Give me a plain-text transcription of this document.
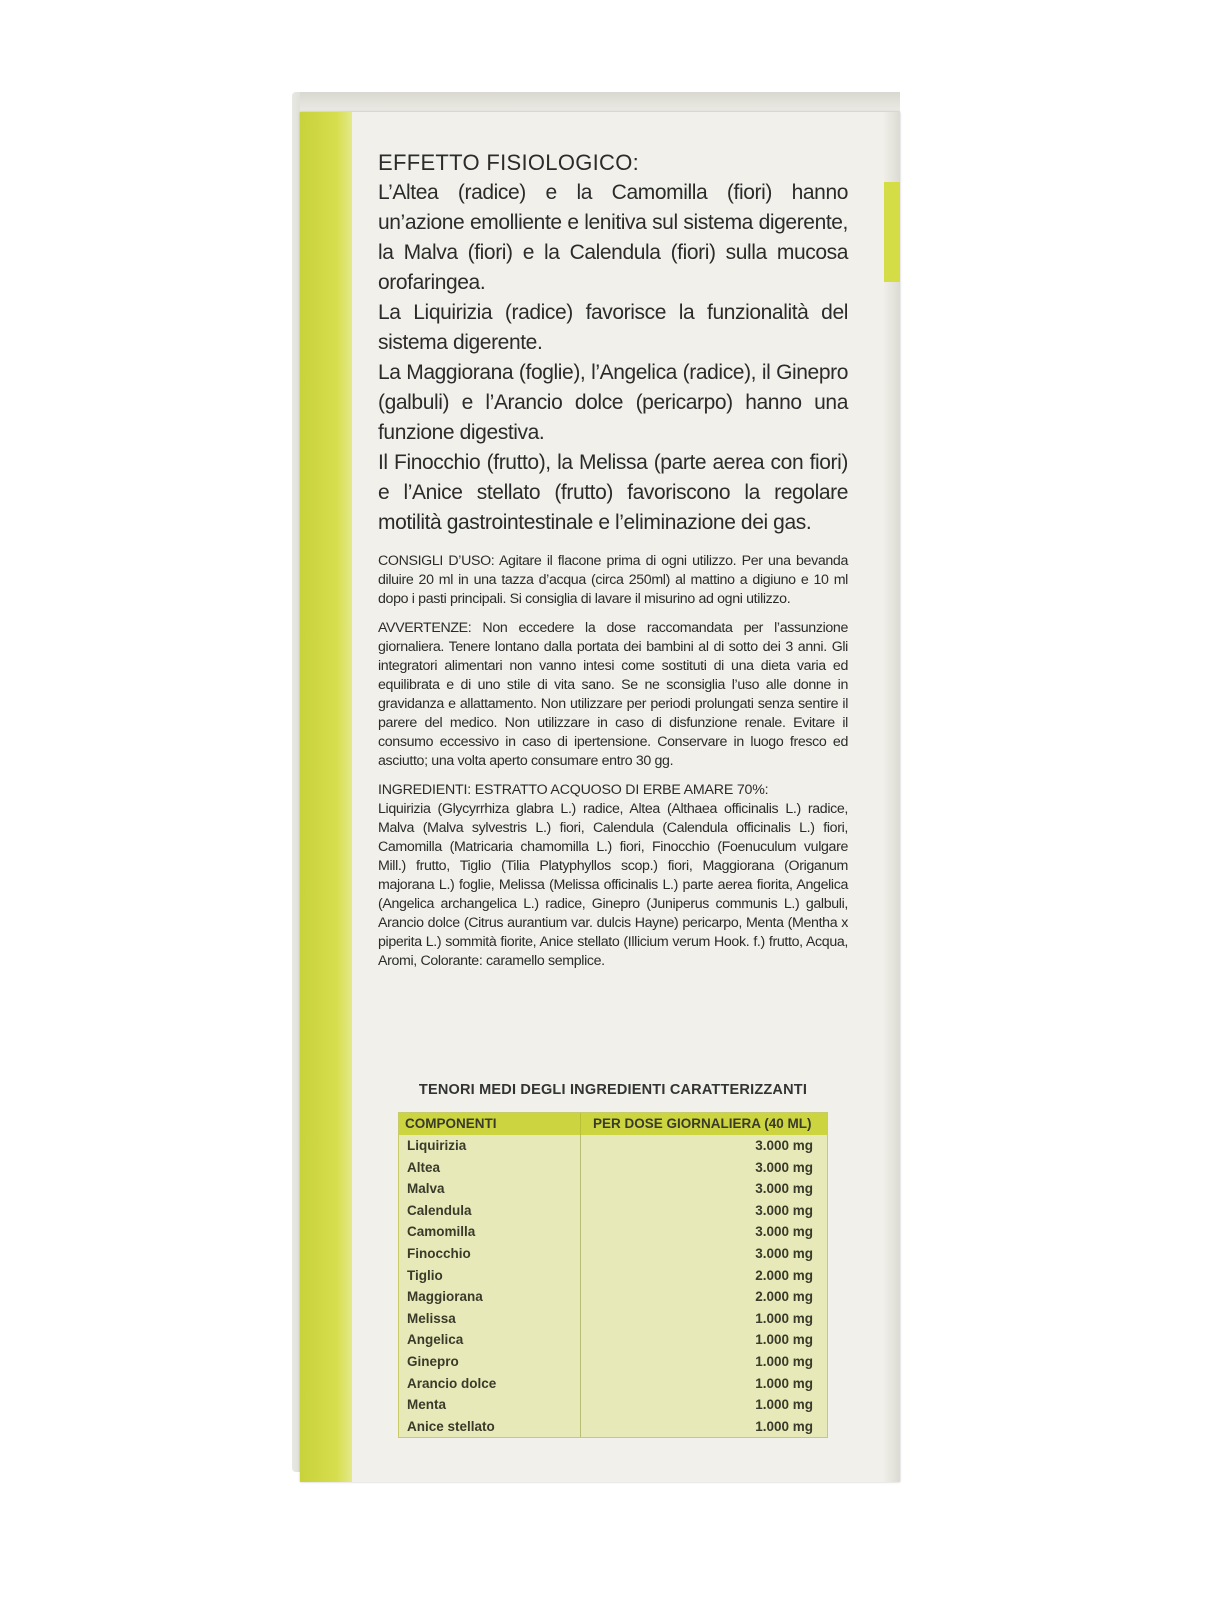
EFFETTO FISIOLOGICO:

L’Altea (radice) e la Camomilla (fiori) hanno un’azione emolliente e lenitiva sul sistema digerente, la Malva (fiori) e la Calendula (fiori) sulla mucosa orofaringea.

La Liquirizia (radice) favorisce la funzionalità del sistema digerente.

La Maggiorana (foglie), l’Angelica (radice), il Ginepro (galbuli) e l’Arancio dolce (pericarpo) hanno una funzione digestiva.

Il Finocchio (frutto), la Melissa (parte aerea con fiori) e l’Anice stellato (frutto) favoriscono la regolare motilità gastrointestinale e l’eliminazione dei gas.

CONSIGLI D’USO: Agitare il flacone prima di ogni utilizzo. Per una bevanda diluire 20 ml in una tazza d’acqua (circa 250ml) al mattino a digiuno e 10 ml dopo i pasti principali. Si consiglia di lavare il misurino ad ogni utilizzo.

AVVERTENZE: Non eccedere la dose raccomandata per l’assunzione giornaliera. Tenere lontano dalla portata dei bambini al di sotto dei 3 anni. Gli integratori alimentari non vanno intesi come sostituti di una dieta varia ed equilibrata e di uno stile di vita sano. Se ne sconsiglia l’uso alle donne in gravidanza e allattamento. Non utilizzare per periodi prolungati senza sentire il parere del medico. Non utilizzare in caso di disfunzione renale. Evitare il consumo eccessivo in caso di ipertensione. Conservare in luogo fresco ed asciutto; una volta aperto consumare entro 30 gg.

INGREDIENTI: ESTRATTO ACQUOSO DI ERBE AMARE 70%:

Liquirizia (Glycyrrhiza glabra L.) radice, Altea (Althaea officinalis L.) radice, Malva (Malva sylvestris L.) fiori, Calendula (Calendula officinalis L.) fiori, Camomilla (Matricaria chamomilla L.) fiori, Finocchio (Foenuculum vulgare Mill.) frutto, Tiglio (Tilia Platyphyllos scop.) fiori, Maggiorana (Origanum majorana L.) foglie, Melissa (Melissa officinalis L.) parte aerea fiorita, Angelica (Angelica archangelica L.) radice, Ginepro (Juniperus communis L.) galbuli, Arancio dolce (Citrus aurantium var. dulcis Hayne) pericarpo, Menta (Mentha x piperita L.) sommità fiorite, Anice stellato (Illicium verum Hook. f.) frutto, Acqua, Aromi, Colorante: caramello semplice.

TENORI MEDI DEGLI INGREDIENTI CARATTERIZZANTI
COMPONENTI	PER DOSE GIORNALIERA (40 ML)
Liquirizia
Altea
Malva
Calendula
Camomilla
Finocchio
Tiglio
Maggiorana
Melissa
Angelica
Ginepro
Arancio dolce
Menta
Anice stellato
3.000 mg
3.000 mg
3.000 mg
3.000 mg
3.000 mg
3.000 mg
2.000 mg
2.000 mg
1.000 mg
1.000 mg
1.000 mg
1.000 mg
1.000 mg
1.000 mg
